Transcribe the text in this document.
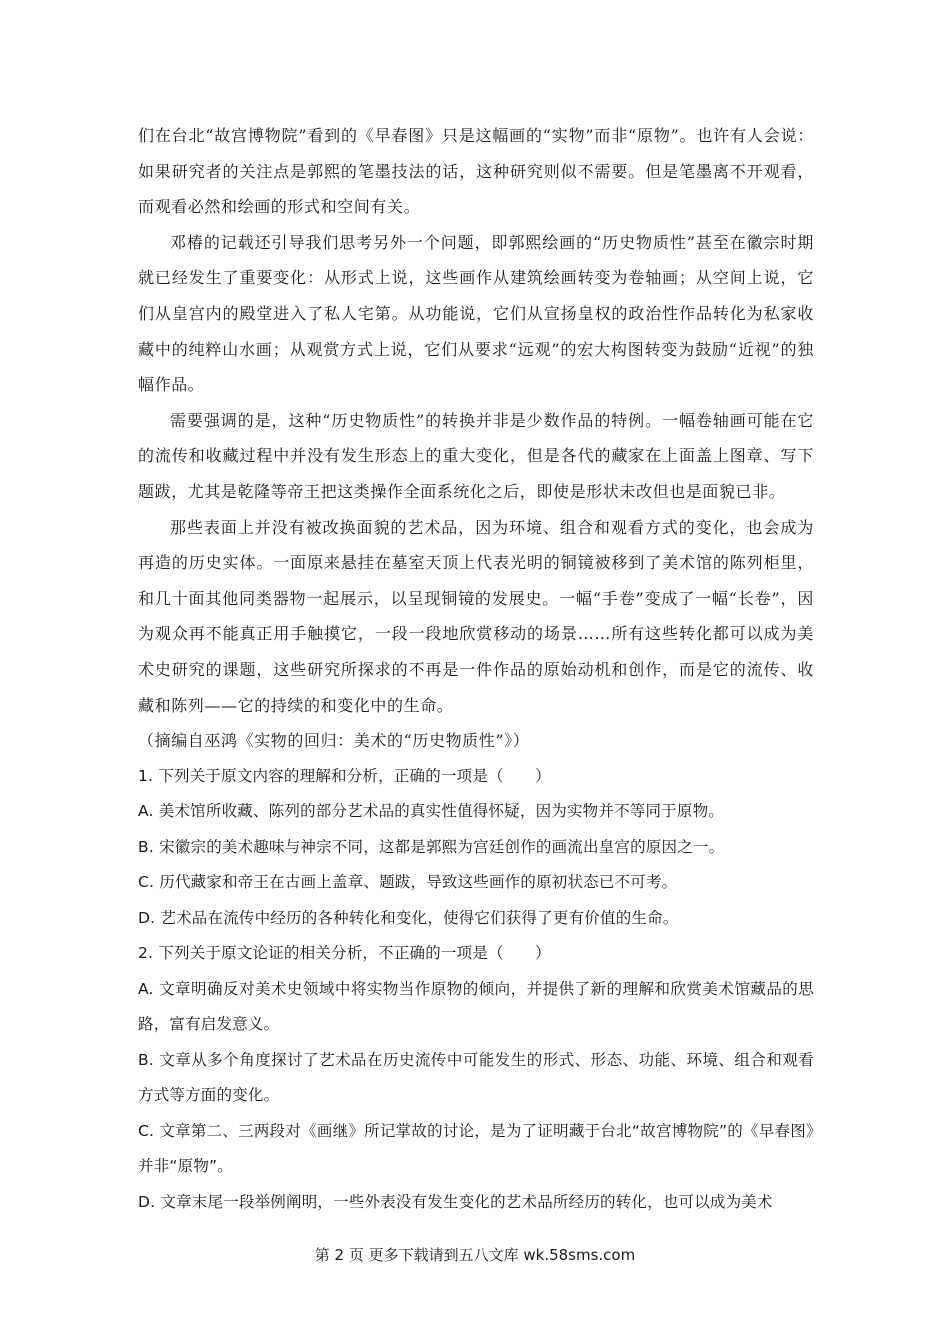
们在台北“故宫博物院”看到的《早春图》只是这幅画的“实物”而非“原物”。也许有人会说：如果研究者的关注点是郭熙的笔墨技法的话，这种研究则似不需要。但是笔墨离不开观看，而观看必然和绘画的形式和空间有关。

邓椿的记载还引导我们思考另外一个问题，即郭熙绘画的“历史物质性”甚至在徽宗时期就已经发生了重要变化：从形式上说，这些画作从建筑绘画转变为卷轴画；从空间上说，它们从皇宫内的殿堂进入了私人宅第。从功能说，它们从宣扬皇权的政治性作品转化为私家收藏中的纯粹山水画；从观赏方式上说，它们从要求“远观”的宏大构图转变为鼓励“近视”的独幅作品。

需要强调的是，这种“历史物质性”的转换并非是少数作品的特例。一幅卷轴画可能在它的流传和收藏过程中并没有发生形态上的重大变化，但是各代的藏家在上面盖上图章、写下题跋，尤其是乾隆等帝王把这类操作全面系统化之后，即使是形状未改但也是面貌已非。

那些表面上并没有被改换面貌的艺术品，因为环境、组合和观看方式的变化，也会成为再造的历史实体。一面原来悬挂在墓室天顶上代表光明的铜镜被移到了美术馆的陈列柜里，和几十面其他同类器物一起展示，以呈现铜镜的发展史。一幅“手卷”变成了一幅“长卷”，因为观众再不能真正用手触摸它，一段一段地欣赏移动的场景……所有这些转化都可以成为美术史研究的课题，这些研究所探求的不再是一件作品的原始动机和创作，而是它的流传、收藏和陈列——它的持续的和变化中的生命。

（摘编自巫鸿《实物的回归：美术的“历史物质性”》）

1. 下列关于原文内容的理解和分析，正确的一项是（　　）

A. 美术馆所收藏、陈列的部分艺术品的真实性值得怀疑，因为实物并不等同于原物。

B. 宋徽宗的美术趣味与神宗不同，这都是郭熙为宫廷创作的画流出皇宫的原因之一。

C. 历代藏家和帝王在古画上盖章、题跋，导致这些画作的原初状态已不可考。

D. 艺术品在流传中经历的各种转化和变化，使得它们获得了更有价值的生命。

2. 下列关于原文论证的相关分析，不正确的一项是（　　）

A. 文章明确反对美术史领域中将实物当作原物的倾向，并提供了新的理解和欣赏美术馆藏品的思路，富有启发意义。

B. 文章从多个角度探讨了艺术品在历史流传中可能发生的形式、形态、功能、环境、组合和观看方式等方面的变化。

C. 文章第二、三两段对《画继》所记掌故的讨论，是为了证明藏于台北“故宫博物院”的《早春图》并非“原物”。

D. 文章末尾一段举例阐明，一些外表没有发生变化的艺术品所经历的转化，也可以成为美术

第 2 页 更多下载请到五八文库 wk.58sms.com
